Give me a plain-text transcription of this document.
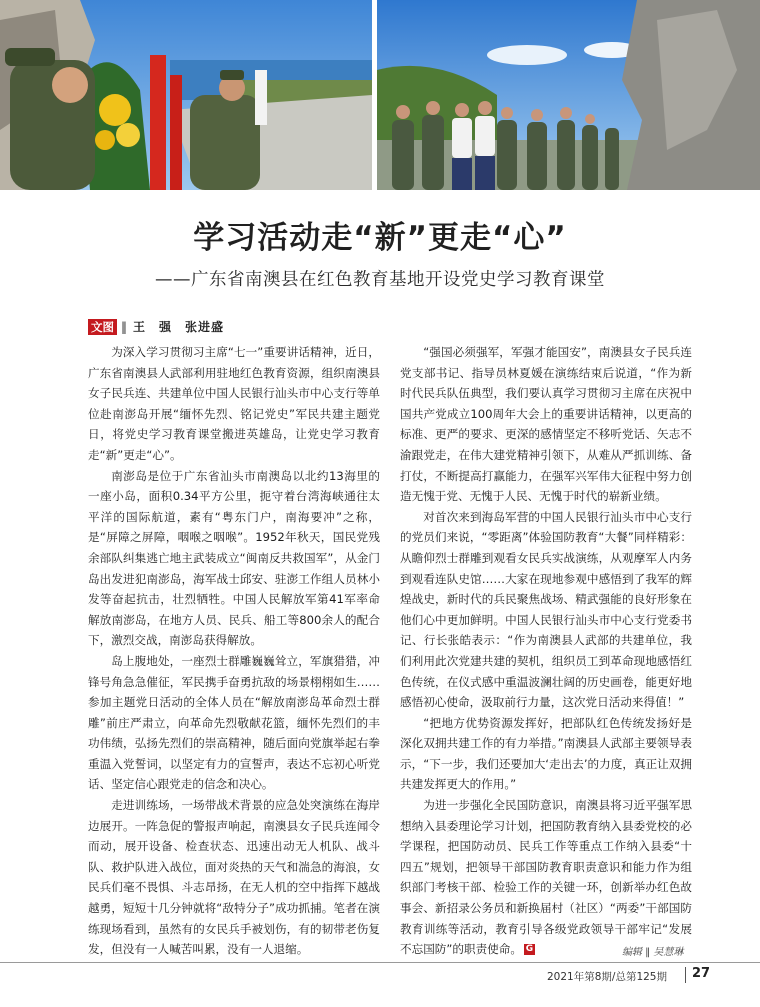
学习活动走“新”更走“心”
——广东省南澳县在红色教育基地开设党史学习教育课堂
文图 ‖ 王　强　张进盛

为深入学习贯彻习主席“七一”重要讲话精神，近日，广东省南澳县人武部利用驻地红色教育资源，组织南澳县女子民兵连、共建单位中国人民银行汕头市中心支行等单位赴南澎岛开展“缅怀先烈、铭记党史”军民共建主题党日，将党史学习教育课堂搬进英雄岛，让党史学习教育走“新”更走“心”。

南澎岛是位于广东省汕头市南澳岛以北约13海里的一座小岛，面积0.34平方公里，扼守着台湾海峡通往太平洋的国际航道，素有“粤东门户，南海要冲”之称，是“屏障之屏障，咽喉之咽喉”。1952年秋天，国民党残余部队纠集逃亡地主武装成立“闽南反共救国军”，从金门岛出发进犯南澎岛，海军战士邱安、驻澎工作组人员林小发等奋起抗击，壮烈牺牲。中国人民解放军第41军率命解放南澎岛，在地方人员、民兵、船工等800余人的配合下，激烈交战，南澎岛获得解放。

岛上腹地处，一座烈士群雕巍巍耸立，军旗猎猎，冲锋号角急急催征，军民携手奋勇抗敌的场景栩栩如生……参加主题党日活动的全体人员在“解放南澎岛革命烈士群雕”前庄严肃立，向革命先烈敬献花篮，缅怀先烈们的丰功伟绩，弘扬先烈们的崇高精神，随后面向党旗举起右拳重温入党誓词，以坚定有力的宣誓声，表达不忘初心听党话、坚定信心跟党走的信念和决心。

走进训练场，一场带战术背景的应急处突演练在海岸边展开。一阵急促的警报声响起，南澳县女子民兵连闻令而动，展开设备、检查状态、迅速出动无人机队、战斗队、救护队进入战位，面对炎热的天气和湍急的海浪，女民兵们毫不畏惧、斗志昂扬，在无人机的空中指挥下越战越勇，短短十几分钟就将“敌特分子”成功抓捕。笔者在演练现场看到，虽然有的女民兵手被划伤，有的韧带老伤复发，但没有一人喊苦叫累，没有一人退缩。

“强国必须强军，军强才能国安”，南澳县女子民兵连党支部书记、指导员林夏媛在演练结束后说道，“作为新时代民兵队伍典型，我们要认真学习贯彻习主席在庆祝中国共产党成立100周年大会上的重要讲话精神，以更高的标准、更严的要求、更深的感情坚定不移听党话、矢志不渝跟党走，在伟大建党精神引领下，从难从严抓训练、备打仗，不断提高打赢能力，在强军兴军伟大征程中努力创造无愧于党、无愧于人民、无愧于时代的崭新业绩。

对首次来到海岛军营的中国人民银行汕头市中心支行的党员们来说，“零距离”体验国防教育“大餐”同样精彩：从瞻仰烈士群雕到观看女民兵实战演练，从观摩军人内务到观看连队史馆……大家在现地参观中感悟到了我军的辉煌战史，新时代的兵民聚焦战场、精武强能的良好形象在他们心中更加鲜明。中国人民银行汕头市中心支行党委书记、行长张皓表示：“作为南澳县人武部的共建单位，我们利用此次党建共建的契机，组织员工到革命现地感悟红色传统，在仪式感中重温波澜壮阔的历史画卷，能更好地感悟初心使命，汲取前行力量，这次党日活动来得值！”

“把地方优势资源发挥好，把部队红色传统发扬好是深化双拥共建工作的有力举措。”南澳县人武部主要领导表示，“下一步，我们还要加大‘走出去’的力度，真正让双拥共建发挥更大的作用。”

为进一步强化全民国防意识，南澳县将习近平强军思想纳入县委理论学习计划，把国防教育纳入县委党校的必学课程，把国防动员、民兵工作等重点工作纳入县委“十四五”规划，把领导干部国防教育职责意识和能力作为组织部门考核干部、检验工作的关键一环，创新举办红色故事会、新招录公务员和新换届村（社区）“两委”干部国防教育训练等活动，教育引导各级党政领导干部牢记“发展不忘国防”的职责使命。 G	编辑 ‖ 吴慧琳
2021年第8期/总第125期 27
